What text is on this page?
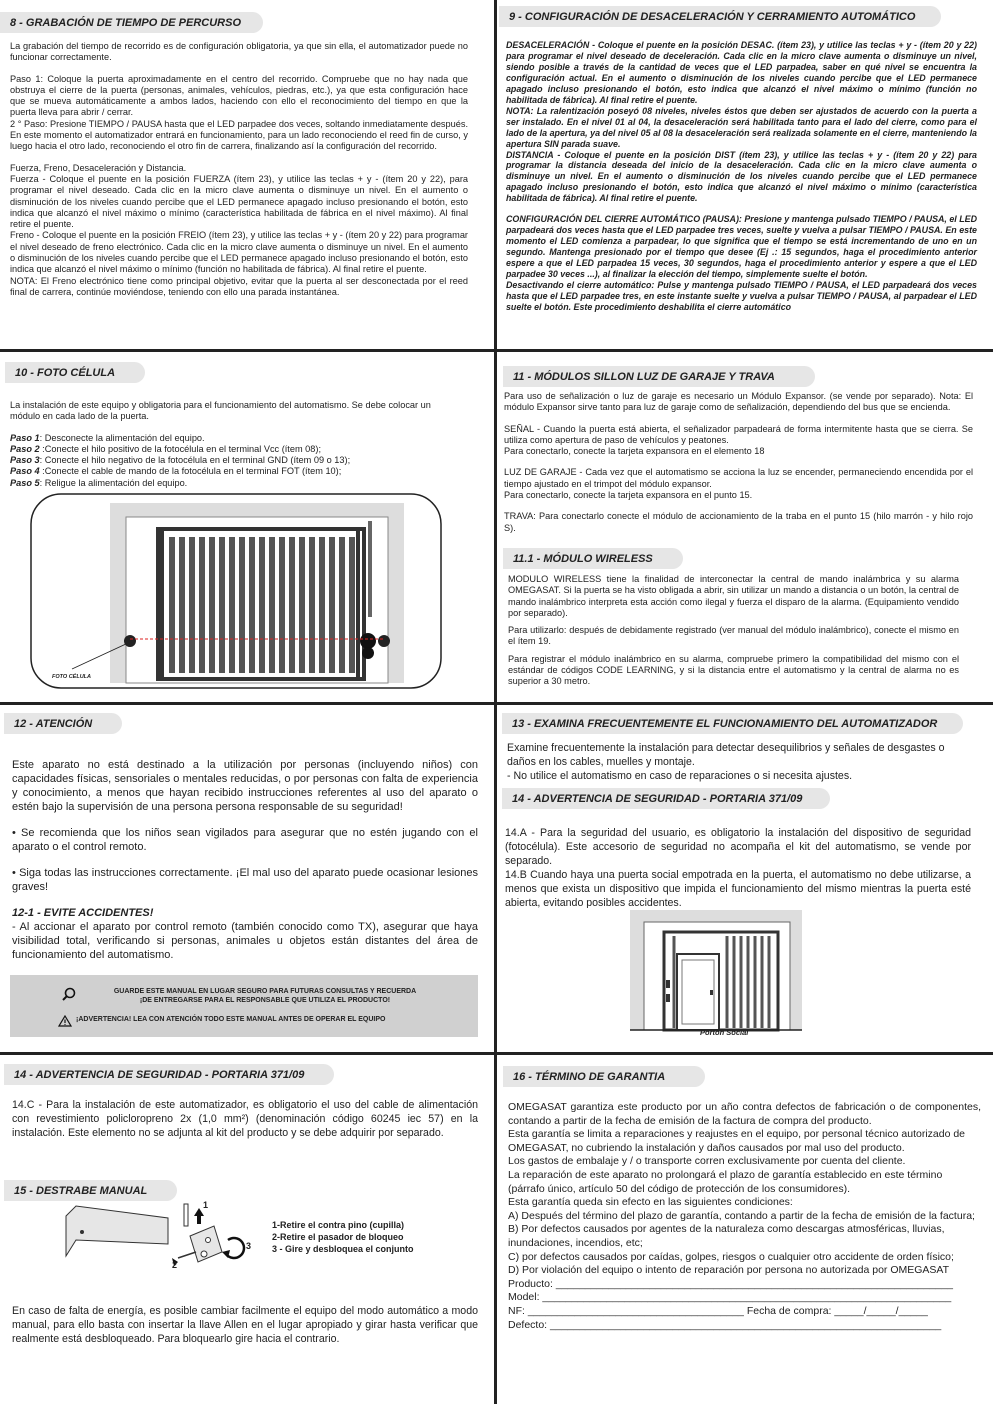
8 - GRABACIÓN DE TIEMPO DE PERCURSO

La grabación del tiempo de recorrido es de configuración obligatoria, ya que sin ella, el automatizador puede no funcionar correctamente.

Paso 1: Coloque la puerta aproximadamente en el centro del recorrido. Compruebe que no hay nada que obstruya el cierre de la puerta (personas, animales, vehículos, piedras, etc.), ya que esta configuración hace que se mueva automáticamente a ambos lados, haciendo con ello el reconocimiento del tiempo en que la puerta lleva para abrir / cerrar.

2 ° Paso: Presione TIEMPO / PAUSA hasta que el LED parpadee dos veces, soltando inmediatamente después. En este momento el automatizador entrará en funcionamiento, para un lado reconociendo el reed fin de curso, y luego hacia el otro lado, reconociendo el otro fin de carrera, finalizando así la configuración del recorrido.

Fuerza, Freno, Desaceleración y Distancia.

Fuerza - Coloque el puente en la posición FUERZA (ítem 23), y utilice las teclas + y - (ítem 20 y 22), para programar el nivel deseado. Cada clic en la micro clave aumenta o disminuye un nivel. En el aumento o disminución de los niveles cuando percibe que el LED permanece apagado incluso presionando el botón, esto indica que alcanzó el nivel máximo o mínimo (característica habilitada de fábrica en el nivel máximo). Al final retire el puente.

Freno - Coloque el puente en la posición FREIO (ítem 23), y utilice las teclas + y - (ítem 20 y 22) para programar el nivel deseado de freno electrónico. Cada clic en la micro clave aumenta o disminuye un nivel. En el aumento o disminución de los niveles cuando percibe que el LED permanece apagado incluso presionando el botón, esto indica que alcanzó el nivel máximo o mínimo (función no habilitada de fábrica). Al final retire el puente.

NOTA: El Freno electrónico tiene como principal objetivo, evitar que la puerta al ser desconectada por el reed final de carrera, continúe moviéndose, teniendo con ello una parada instantánea.

9 - CONFIGURACIÓN DE DESACELERACIÓN Y CERRAMIENTO AUTOMÁTICO

DESACELERACIÓN - Coloque el puente en la posición DESAC. (ítem 23), y utilice las teclas + y - (ítem 20 y 22) para programar el nivel deseado de deceleración. Cada clic en la micro clave aumenta o disminuye un nivel, siendo posible a través de la cantidad de veces que el LED parpadea, saber en qué nivel se encuentra la configuración actual. En el aumento o disminución de los niveles cuando percibe que el LED permanece apagado incluso presionando el botón, esto indica que alcanzó el nivel máximo o mínimo (función no habilitada de fábrica). Al final retire el puente.

NOTA: La ralentización poseyó 08 niveles, niveles éstos que deben ser ajustados de acuerdo con la puerta a ser instalado. En el nivel 01 al 04, la desaceleración será habilitada tanto para el lado del cierre, como para el lado de la apertura, ya del nivel 05 al 08 la desaceleración será realizada solamente en el cierre, manteniendo la apertura SIN parada suave.

DISTANCIA - Coloque el puente en la posición DIST (ítem 23), y utilice las teclas + y - (ítem 20 y 22) para programar la distancia deseada del inicio de la desaceleración. Cada clic en la micro clave aumenta o disminuye un nivel. En el aumento o disminución de los niveles cuando percibe que el LED permanece apagado incluso presionando el botón, esto indica que alcanzó el nivel máximo o mínimo (característica habilitada de fábrica). Al final retire el puente.

CONFIGURACIÓN DEL CIERRE AUTOMÁTICO (PAUSA): Presione y mantenga pulsado TIEMPO / PAUSA, el LED parpadeará dos veces hasta que el LED parpadee tres veces, suelte y vuelva a pulsar TIEMPO / PAUSA. En este momento el LED comienza a parpadear, lo que significa que el tiempo se está incrementando de uno en un segundo. Mantenga presionado por el tiempo que desee (Ej .: 15 segundos, haga el procedimiento anterior espere a que el LED parpadea 15 veces, 30 segundos, haga el procedimiento anterior y espere a que el LED parpadee 30 veces ...), al finalizar la elección del tiempo, simplemente suelte el botón.

Desactivando el cierre automático: Pulse y mantenga pulsado TIEMPO / PAUSA, el LED parpadeará dos veces hasta que el LED parpadee tres, en este instante suelte y vuelva a pulsar TIEMPO / PAUSA, al parpadear el LED suelte el botón. Este procedimiento deshabilita el cierre automático

10 - FOTO CÉLULA

La instalación de este equipo y obligatoria para el funcionamiento del automatismo. Se debe colocar un módulo en cada lado de la puerta.

Paso 1: Desconecte la alimentación del equipo.

Paso 2 :Conecte el hilo positivo de la fotocélula en el terminal Vcc (ítem 08);

Paso 3: Conecte el hilo negativo de la fotocélula en el terminal GND (ítem 09 o 13);

Paso 4 :Conecte el cable de mando de la fotocélula en el terminal FOT (ítem 10);

Paso 5: Religue la alimentación del equipo.

FOTO CÉLULA
11 - MÓDULOS SILLON LUZ DE GARAJE Y TRAVA

Para uso de señalización o luz de garaje es necesario un Módulo Expansor. (se vende por separado). Nota: El módulo Expansor sirve tanto para luz de garaje como de señalización, dependiendo del bus que se encienda.

SEÑAL - Cuando la puerta está abierta, el señalizador parpadeará de forma intermitente hasta que se cierra. Se utiliza como apertura de paso de vehículos y peatones.

Para conectarlo, conecte la tarjeta expansora en el elemento 18

LUZ DE GARAJE - Cada vez que el automatismo se acciona la luz se encender, permaneciendo encendida por el tiempo ajustado en el trimpot del módulo expansor.

Para conectarlo, conecte la tarjeta expansora en el punto 15.

TRAVA: Para conectarlo conecte el módulo de accionamiento de la traba en el punto 15 (hilo marrón - y hilo rojo S).

11.1 - MÓDULO WIRELESS

MODULO WIRELESS tiene la finalidad de interconectar la central de mando inalámbrica y su alarma OMEGASAT. Si la puerta se ha visto obligada a abrir, sin utilizar un mando a distancia o un botón, la central de mando inalámbrico interpreta esta acción como ilegal y fuerza el disparo de la alarma. (Equipamiento vendido por separado).

Para utilizarlo: después de debidamente registrado (ver manual del módulo inalámbrico), conecte el mismo en el ítem 19.

Para registrar el módulo inalámbrico en su alarma, compruebe primero la compatibilidad del mismo con el estándar de códigos CODE LEARNING, y si la distancia entre el automatismo y la central de alarma no es superior a 30 metro.

12 - ATENCIÓN

Este aparato no está destinado a la utilización por personas (incluyendo niños) con capacidades físicas, sensoriales o mentales reducidas, o por personas con falta de experiencia y conocimiento, a menos que hayan recibido instrucciones referentes al uso del aparato o estén bajo la supervisión de una persona persona responsable de su seguridad!

• Se recomienda que los niños sean vigilados para asegurar que no estén jugando con el aparato o el control remoto.

• Siga todas las instrucciones correctamente. ¡El mal uso del aparato puede ocasionar lesiones graves!

12-1 - EVITE ACCIDENTES!

- Al accionar el aparato por control remoto (también conocido como TX), asegurar que haya visibilidad total, verificando si personas, animales u objetos están distantes del área de funcionamiento del automatismo.

GUARDE ESTE MANUAL EN LUGAR SEGURO PARA FUTURAS CONSULTAS Y RECUERDA
¡DE ENTREGARSE PARA EL RESPONSABLE QUE UTILIZA EL PRODUCTO!
¡ADVERTENCIA! LEA CON ATENCIÓN TODO ESTE MANUAL ANTES DE OPERAR EL EQUIPO
13 - EXAMINA FRECUENTEMENTE EL FUNCIONAMIENTO DEL AUTOMATIZADOR

Examine frecuentemente la instalación para detectar desequilibrios y señales de desgastes o daños en los cables, muelles y montaje.

- No utilice el automatismo en caso de reparaciones o si necesita ajustes.

14 - ADVERTENCIA DE SEGURIDAD - PORTARIA 371/09

14.A - Para la seguridad del usuario, es obligatorio la instalación del dispositivo de seguridad (fotocélula). Este accesorio de seguridad no acompaña el kit del automatismo, se vende por separado.

14.B Cuando haya una puerta social empotrada en la puerta, el automatismo no debe utilizarse, a menos que exista un dispositivo que impida el funcionamiento del mismo mientras la puerta esté abierta, evitando posibles accidentes.

Portón Social
14 - ADVERTENCIA DE SEGURIDAD - PORTARIA 371/09

14.C - Para la instalación de este automatizador, es obligatorio el uso del cable de alimentación con revestimiento policloropreno 2x (1,0 mm²) (denominación código 60245 iec 57) en la instalación. Este elemento no se adjunta al kit del producto y se debe adquirir por separado.

15 - DESTRABE MANUAL
1
2
3
1-Retire el contra pino (cupilla)
2-Retire el pasador de bloqueo
3 - Gire y desbloquea el conjunto
En caso de falta de energía, es posible cambiar facilmente el equipo del modo automático a modo manual, para ello basta con insertar la llave Allen en el lugar apropiado y girar hasta verificar que realmente está desbloqueado. Para bloquearlo gire hacia el contrario.
16 - TÉRMINO DE GARANTIA

OMEGASAT garantiza este producto por un año contra defectos de fabricación o de componentes, contando a partir de la fecha de emisión de la factura de compra del producto.

Esta garantía se limita a reparaciones y reajustes en el equipo, por personal técnico autorizado de OMEGASAT, no cubriendo la instalación y daños causados por mal uso del producto.

Los gastos de embalaje y / o transporte corren exclusivamente por cuenta del cliente.

La reparación de este aparato no prolongará el plazo de garantía establecido en este término (párrafo único, artículo 50 del código de protección de los consumidores).

Esta garantía queda sin efecto en las siguientes condiciones:

A) Después del término del plazo de garantía, contando a partir de la fecha de emisión de la factura;

B) Por defectos causados por agentes de la naturaleza como descargas atmosféricas, lluvias, inundaciones, incendios, etc;

C) por defectos causados por caídas, golpes, riesgos o cualquier otro accidente de orden físico;

D) Por violación del equipo o intento de reparación por persona no autorizada por OMEGASAT

Producto: ____________________________________________________________________

Model: ______________________________________________________________________

NF: _____________________________________ Fecha de compra: _____/_____/_____

Defecto: ___________________________________________________________________
